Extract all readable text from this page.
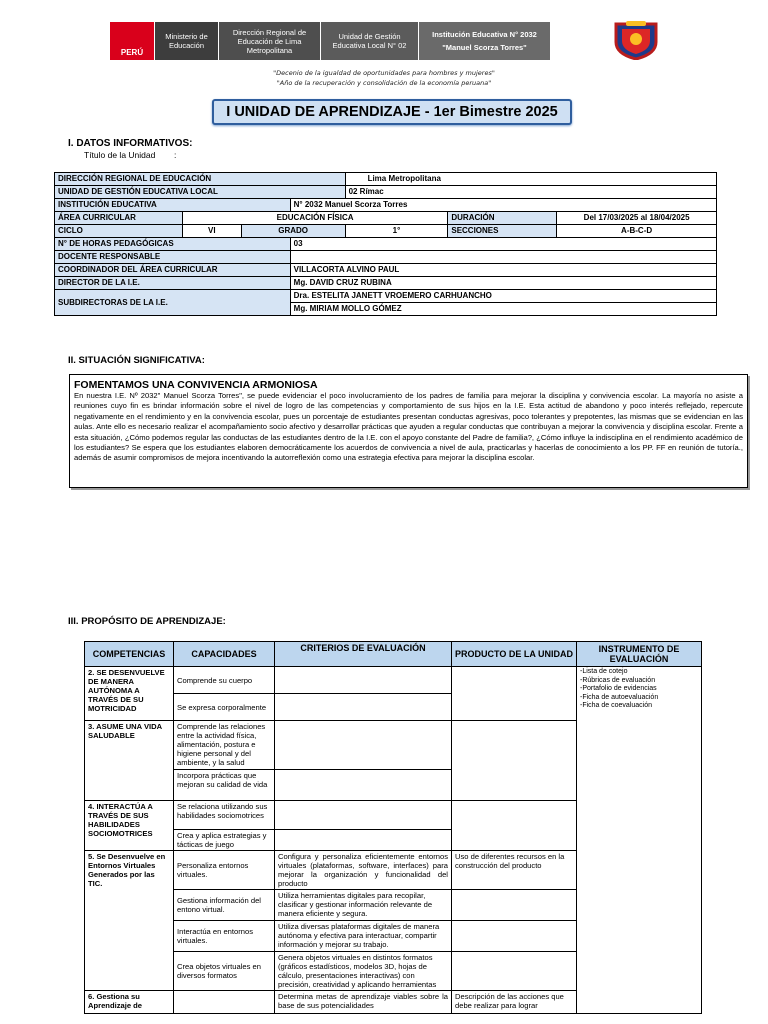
PERÚ
Ministerio de Educación
Dirección Regional de Educación de Lima Metropolitana
Unidad de Gestión Educativa Local N° 02
Institución Educativa N° 2032
"Manuel Scorza Torres"
"Decenio de la igualdad de oportunidades para hombres y mujeres"
"Año de la recuperación y consolidación de la economía peruana"
I UNIDAD DE APRENDIZAJE - 1er Bimestre 2025
I. DATOS INFORMATIVOS:
Título de la Unidad :
DIRECCIÓN REGIONAL DE EDUCACIÓN				Lima Metropolitana		
UNIDAD DE GESTIÓN EDUCATIVA LOCAL				02 Rímac		
INSTITUCIÓN EDUCATIVA			N° 2032 Manuel Scorza Torres			
ÁREA CURRICULAR	EDUCACIÓN FÍSICA				DURACIÓN	Del 17/03/2025 al 18/04/2025
CICLO	VI	GRADO		1°	SECCIONES	A-B-C-D
N° DE HORAS PEDAGÓGICAS			03			
DOCENTE RESPONSABLE						
COORDINADOR DEL ÁREA CURRICULAR			VILLACORTA ALVINO PAUL			
DIRECTOR DE LA I.E.			Mg. DAVID CRUZ RUBINA			
SUBDIRECTORAS DE LA I.E.			Dra. ESTELITA JANETT VROEMERO CARHUANCHO			
			Mg. MIRIAM MOLLO GÓMEZ			
II. SITUACIÓN SIGNIFICATIVA:
FOMENTAMOS UNA CONVIVENCIA ARMONIOSA
En nuestra I.E. Nº 2032" Manuel Scorza Torres", se puede evidenciar el poco involucramiento de los padres de familia para mejorar la disciplina y convivencia escolar. La mayoría no asiste a reuniones cuyo fin es brindar información sobre el nivel de logro de las competencias y comportamiento de sus hijos en la I.E. Esta actitud de abandono y poco interés reflejado, repercute negativamente en el rendimiento y en la convivencia escolar, pues un porcentaje de estudiantes presentan conductas agresivas, poco tolerantes y prepotentes, las mismas que se evidencian en las aulas. Ante ello es necesario realizar el acompañamiento socio afectivo y desarrollar prácticas que ayuden a regular conductas que contribuyan a mejorar la convivencia y disciplina escolar. Frente a esta situación, ¿Cómo podemos regular las conductas de las estudiantes dentro de la I.E. con el apoyo constante del Padre de familia?, ¿Cómo influye la indisciplina en el rendimiento académico de los estudiantes? Se espera que los estudiantes elaboren democráticamente los acuerdos de convivencia a nivel de aula, practicarlas y hacerlas de conocimiento a los PP. FF en reunión de tutoría., además de asumir compromisos de mejora incentivando la autorreflexión como una estrategia efectiva para mejorar la disciplina escolar.
III. PROPÓSITO DE APRENDIZAJE:
COMPETENCIAS	CAPACIDADES	CRITERIOS DE EVALUACIÓN	PRODUCTO DE LA UNIDAD	INSTRUMENTO DE EVALUACIÓN
2. SE DESENVUELVE DE MANERA AUTÓNOMA A TRAVÉS DE SU MOTRICIDAD	Comprende su cuerpo			-Lista de cotejo
-Rúbricas de evaluación
-Portafolio de evidencias
-Ficha de autoevaluación
-Ficha de coevaluación
	Se expresa corporalmente			
3. ASUME UNA VIDA SALUDABLE	Comprende las relaciones entre la actividad física, alimentación, postura e higiene personal y del ambiente, y la salud			
	Incorpora prácticas que mejoran su calidad de vida			
4. INTERACTÚA A TRAVÉS DE SUS HABILIDADES SOCIOMOTRICES	Se relaciona utilizando sus habilidades sociomotrices			
	Crea y aplica estrategias y tácticas de juego			
5. Se Desenvuelve en Entornos Virtuales Generados por las TIC.	Personaliza entornos virtuales.	Configura y personaliza eficientemente entornos virtuales (plataformas, software, interfaces) para mejorar la organización y funcionalidad del producto	Uso de diferentes recursos en la construcción del producto	
	Gestiona información del entono virtual.	Utiliza herramientas digitales para recopilar, clasificar y gestionar información relevante de manera eficiente y segura.		
	Interactúa en entornos virtuales.	Utiliza diversas plataformas digitales de manera autónoma y efectiva para interactuar, compartir información y mejorar su trabajo.		
	Crea objetos virtuales en diversos formatos	Genera objetos virtuales en distintos formatos (gráficos estadísticos, modelos 3D, hojas de cálculo, presentaciones interactivas) con precisión, creatividad y aplicando herramientas		
6. Gestiona su Aprendizaje de		Determina metas de aprendizaje viables sobre la base de sus potencialidades	Descripción de las acciones que debe realizar para lograr	
